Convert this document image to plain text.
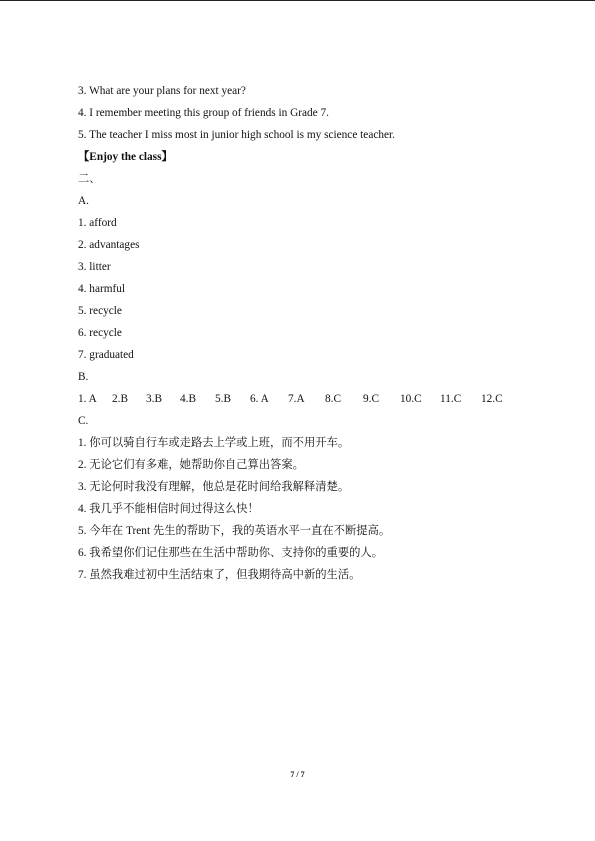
3. What are your plans for next year?
4. I remember meeting this group of friends in Grade 7.
5. The teacher I miss most in junior high school is my science teacher.
【Enjoy the class】
二、
A.
1. afford
2. advantages
3. litter
4. harmful
5. recycle
6. recycle
7. graduated
B.
1. A	2.B	3.B	4.B	5.B	6. A	7.A	8.C	9.C	10.C	11.C	12.C
C.
1. 你可以骑自行车或走路去上学或上班，而不用开车。
2. 无论它们有多难，她帮助你自己算出答案。
3. 无论何时我没有理解，他总是花时间给我解释清楚。
4. 我几乎不能相信时间过得这么快！
5. 今年在 Trent 先生的帮助下，我的英语水平一直在不断提高。
6. 我希望你们记住那些在生活中帮助你、支持你的重要的人。
7. 虽然我难过初中生活结束了，但我期待高中新的生活。
7 / 7
